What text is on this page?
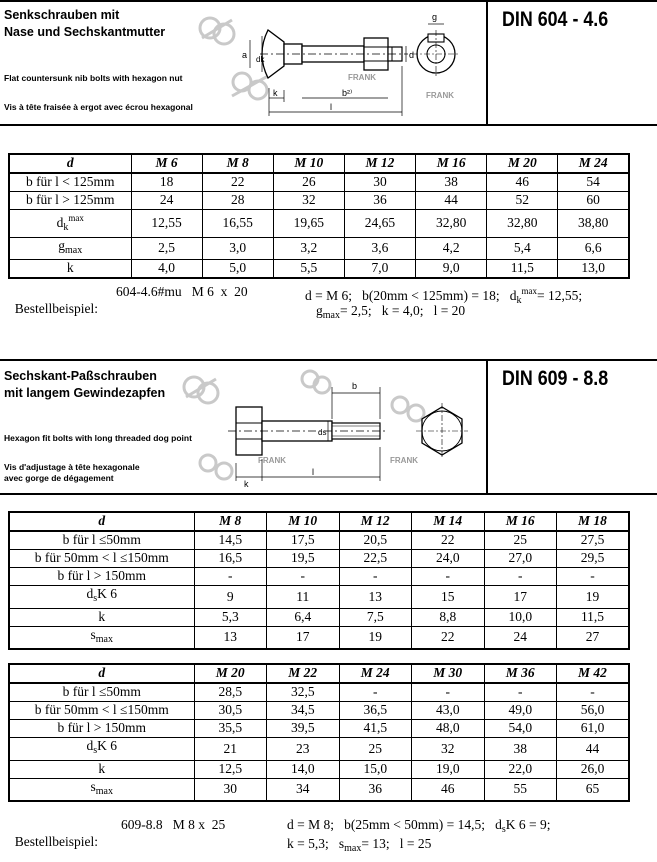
Senkschrauben mit
Nase und Sechskantmutter
Flat countersunk nib bolts with hexagon nut
Vis à tête fraisée à ergot avec écrou hexagonal
FRANK
FRANK
a dk	d
g
k	b²⁾
l
DIN 604 - 4.6
d	M 6	M 8	M 10	M 12	M 16	M 20	M 24
b für l < 125mm	18	22	26	30	38	46	54
b für l > 125mm	24	28	32	36	44	52	60
$d_k^{max}$	12,55	16,55	19,65	24,65	32,80	32,80	38,80
$g_{max}$	2,5	3,0	3,2	3,6	4,2	5,4	6,6
k	4,0	5,0	5,5	7,0	9,0	11,5	13,0

Bestellbeispiel:

604-4.6#mu   M 6  x  20	d = M 6;   b(20mm < 125mm) = 18;   $d_k^{max}= 12,55$;
$g_{max}= 2,5$;   k = 4,0;   l = 20
Sechskant-Paßschrauben
mit langem Gewindezapfen
Hexagon fit bolts with long threaded dog point
Vis d'adjustage à tête hexagonale
avec gorge de dégagement
FRANK	FRANK
b
ds
k
l
DIN 609 - 8.8
d	M 8	M 10	M 12	M 14	M 16	M 18
b für l ≤50mm	14,5	17,5	20,5	22	25	27,5
b für 50mm < l ≤150mm	16,5	19,5	22,5	24,0	27,0	29,5
b für l > 150mm	-	-	-	-	-	-
$d_sK$ 6	9	11	13	15	17	19
k	5,3	6,4	7,5	8,8	10,0	11,5
$s_{max}$	13	17	19	22	24	27
d	M 20	M 22	M 24	M 30	M 36	M 42
b für l ≤50mm	28,5	32,5	-	-	-	-
b für 50mm < l ≤150mm	30,5	34,5	36,5	43,0	49,0	56,0
b für l > 150mm	35,5	39,5	41,5	48,0	54,0	61,0
$d_sK$ 6	21	23	25	32	38	44
k	12,5	14,0	15,0	19,0	22,0	26,0
$s_{max}$	30	34	36	46	55	65

Bestellbeispiel:

609-8.8   M 8 x  25	d = M 8;   b(25mm < 50mm) = 14,5;   $d_sK$ 6 = 9;
k = 5,3;   $s_{max}= 13$;   l = 25
